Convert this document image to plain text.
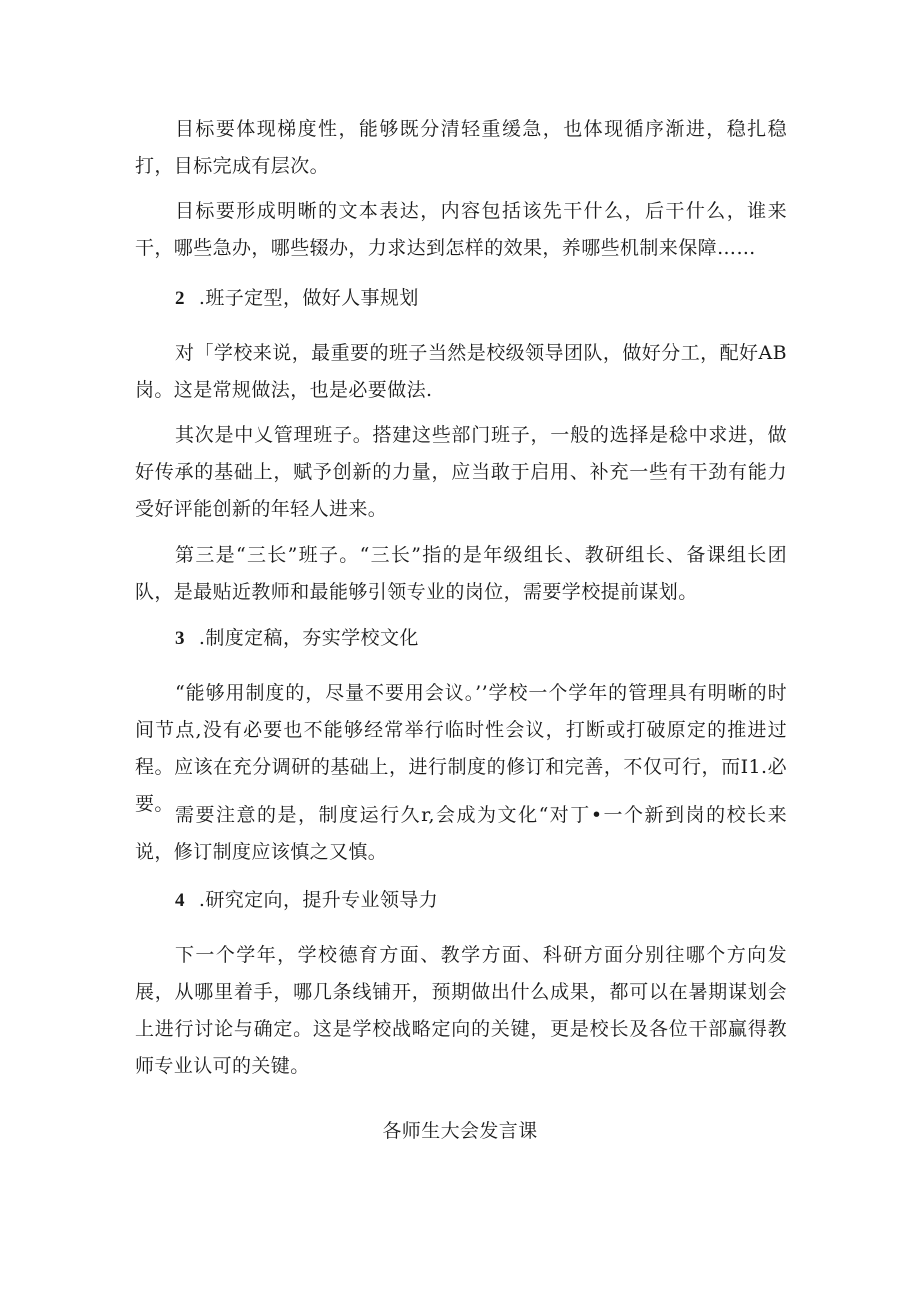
目标要体现梯度性，能够既分清轻重缓急，也体现循序渐进，稳扎稳打，目标完成有层次。

目标要形成明晰的文本表达，内容包括该先干什么，后干什么，谁来干，哪些急办，哪些辍办，力求达到怎样的效果，养哪些机制来保障……

2 .班子定型，做好人事规划

对「学校来说，最重要的班子当然是校级领导团队，做好分工，配好AB岗。这是常规做法，也是必要做法.

其次是中乂管理班子。搭建这些部门班子，一般的选择是稔中求进，做好传承的基础上，赋予创新的力量，应当敢于启用、补充一些有干劲有能力受好评能创新的年轻人进来。

第三是“三长”班子。“三长”指的是年级组长、教研组长、备课组长团队，是最贴近教师和最能够引领专业的岗位，需要学校提前谋划。

3 .制度定稿，夯实学校文化

“能够用制度的，尽量不要用会议。’’学校一个学年的管理具有明晰的时间节点,没有必要也不能够经常举行临时性会议，打断或打破原定的推进过程。应该在充分调研的基础上，进行制度的修订和完善，不仅可行，而I1.必要。 需要注意的是，制度运行久r,会成为文化“对丁•一个新到岗的校长来说，修订制度应该慎之又慎。

4 .研究定向，提升专业领导力

下一个学年，学校德育方面、教学方面、科研方面分别往哪个方向发展，从哪里着手，哪几条线铺开，预期做出什么成果，都可以在暑期谋划会上进行讨论与确定。这是学校战略定向的关键，更是校长及各位干部赢得教师专业认可的关键。

各师生大会发言课
